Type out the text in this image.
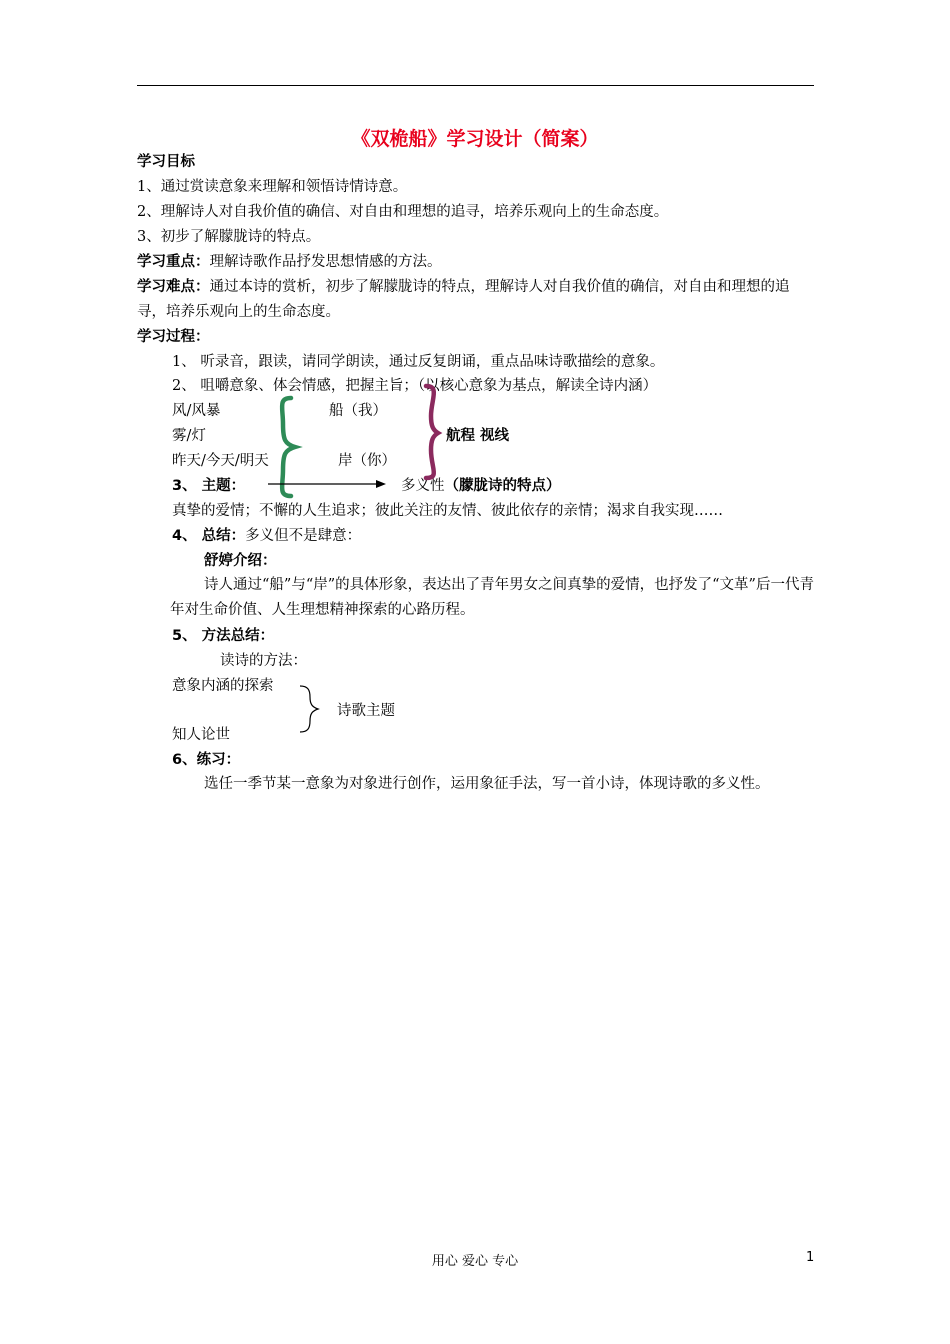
《双桅船》学习设计（简案）
学习目标
1、通过赏读意象来理解和领悟诗情诗意。
2、理解诗人对自我价值的确信、对自由和理想的追寻，培养乐观向上的生命态度。
3、初步了解朦胧诗的特点。
学习重点：理解诗歌作品抒发思想情感的方法。
学习难点：通过本诗的赏析，初步了解朦胧诗的特点，理解诗人对自我价值的确信，对自由和理想的追寻，培养乐观向上的生命态度。
学习过程：
1、 听录音，跟读，请同学朗读，通过反复朗诵，重点品味诗歌描绘的意象。
2、 咀嚼意象、体会情感，把握主旨；（以核心意象为基点，解读全诗内涵）
风/风暴
雾/灯
昨天/今天/明天
船（我）
岸（你）
航程 视线
3、 主题：	多义性（朦胧诗的特点）
真挚的爱情；不懈的人生追求；彼此关注的友情、彼此依存的亲情；渴求自我实现……
4、 总结：多义但不是肆意：
舒婷介绍：
诗人通过“船”与“岸”的具体形象，表达出了青年男女之间真挚的爱情，也抒发了“文革”后一代青年对生命价值、人生理想精神探索的心路历程。
5、 方法总结：
读诗的方法：
意象内涵的探索
知人论世
诗歌主题
6、练习：
选任一季节某一意象为对象进行创作，运用象征手法，写一首小诗，体现诗歌的多义性。
用心 爱心 专心	1
